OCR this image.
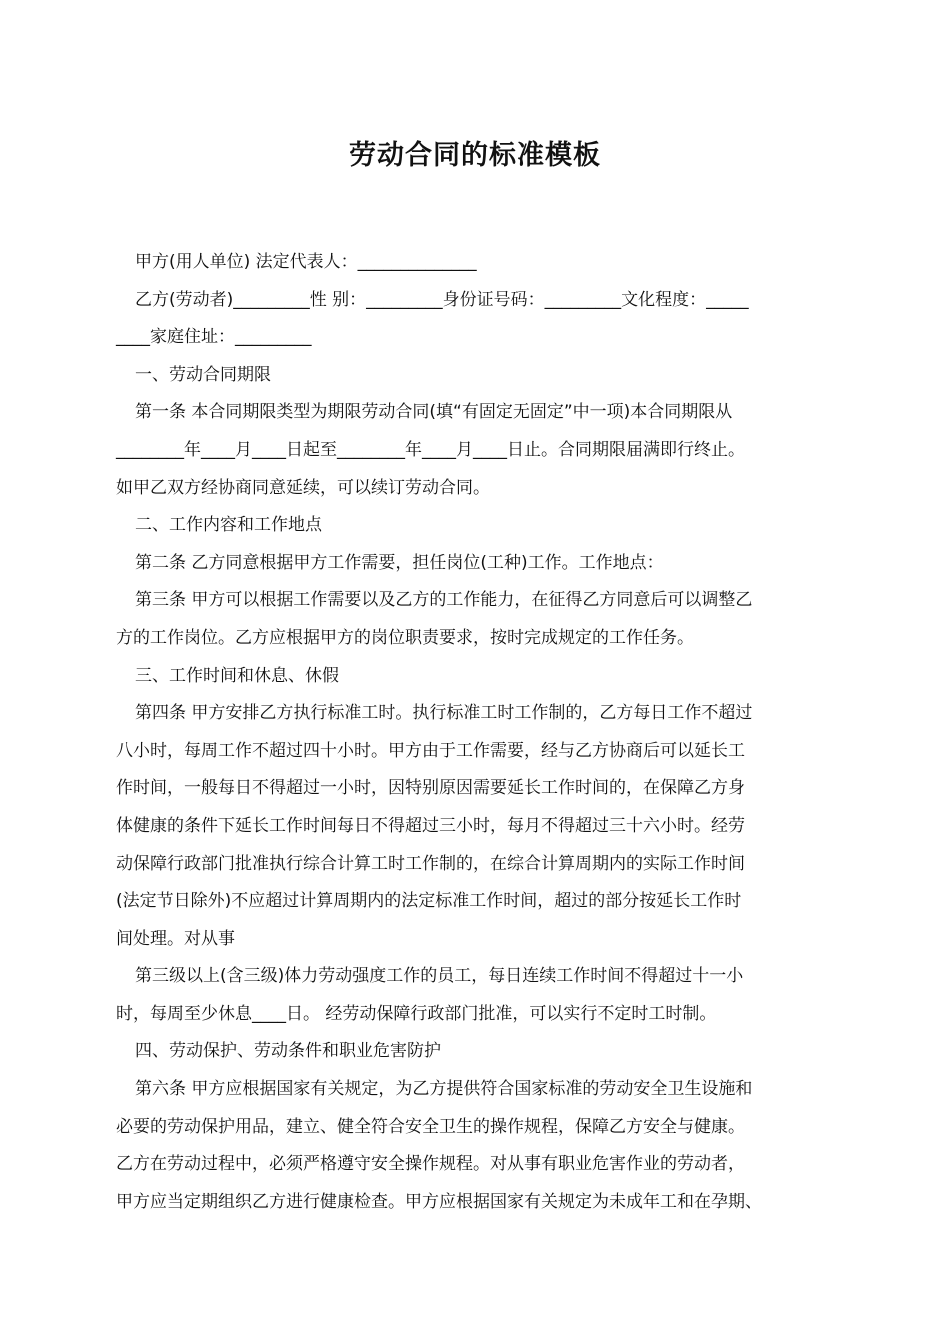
劳动合同的标准模板
甲方(用人单位) 法定代表人：______________
乙方(劳动者)_________性 别：_________身份证号码：_________文化程度：_____
____家庭住址：_________
一、劳动合同期限
第一条 本合同期限类型为期限劳动合同(填“有固定无固定”中一项)本合同期限从
________年____月____日起至________年____月____日止。合同期限届满即行终止。
如甲乙双方经协商同意延续，可以续订劳动合同。
二、工作内容和工作地点
第二条 乙方同意根据甲方工作需要，担任岗位(工种)工作。工作地点：
第三条 甲方可以根据工作需要以及乙方的工作能力，在征得乙方同意后可以调整乙
方的工作岗位。乙方应根据甲方的岗位职责要求，按时完成规定的工作任务。
三、工作时间和休息、休假
第四条 甲方安排乙方执行标准工时。执行标准工时工作制的，乙方每日工作不超过
八小时，每周工作不超过四十小时。甲方由于工作需要，经与乙方协商后可以延长工
作时间，一般每日不得超过一小时，因特别原因需要延长工作时间的，在保障乙方身
体健康的条件下延长工作时间每日不得超过三小时，每月不得超过三十六小时。经劳
动保障行政部门批准执行综合计算工时工作制的，在综合计算周期内的实际工作时间
(法定节日除外)不应超过计算周期内的法定标准工作时间，超过的部分按延长工作时
间处理。对从事
第三级以上(含三级)体力劳动强度工作的员工，每日连续工作时间不得超过十一小
时，每周至少休息____日。 经劳动保障行政部门批准，可以实行不定时工时制。
四、劳动保护、劳动条件和职业危害防护
第六条 甲方应根据国家有关规定，为乙方提供符合国家标准的劳动安全卫生设施和
必要的劳动保护用品，建立、健全符合安全卫生的操作规程，保障乙方安全与健康。
乙方在劳动过程中，必须严格遵守安全操作规程。对从事有职业危害作业的劳动者，
甲方应当定期组织乙方进行健康检查。甲方应根据国家有关规定为未成年工和在孕期、
